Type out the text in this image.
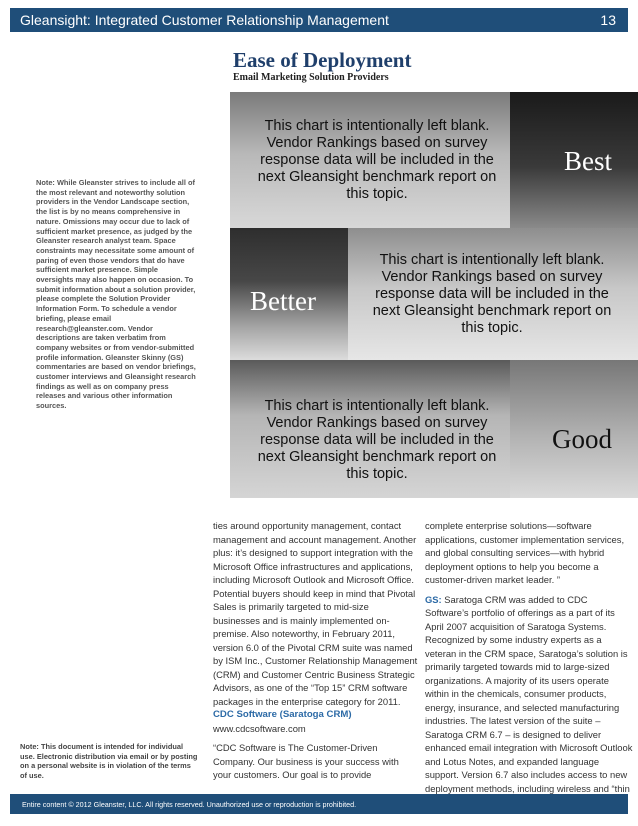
Gleansight: Integrated Customer Relationship Management	13
Ease of Deployment
Email Marketing Solution Providers
This chart is intentionally left blank.
Vendor Rankings based on survey
response data will be included in the
next Gleansight benchmark report on
this topic.
Best
Better
This chart is intentionally left blank.
Vendor Rankings based on survey
response data will be included in the
next Gleansight benchmark report on
this topic.
This chart is intentionally left blank.
Vendor Rankings based on survey
response data will be included in the
next Gleansight benchmark report on
this topic.
Good
Note: While Gleanster strives to include all of the most relevant and noteworthy solution providers in the Vendor Landscape section, the list is by no means comprehensive in nature. Omissions may occur due to lack of sufficient market presence, as judged by the Gleanster research analyst team. Space constraints may necessitate some amount of paring of even those vendors that do have sufficient market presence. Simple oversights may also happen on occasion. To submit information about a solution provider, please complete the Solution Provider Information Form. To schedule a vendor briefing, please email research@gleanster.com. Vendor descriptions are taken verbatim from company websites or from vendor-submitted profile information. Gleanster Skinny (GS) commentaries are based on vendor briefings, customer interviews and Gleansight research findings as well as on company press releases and various other information sources.

ties around opportunity management, contact management and account management. Another plus: it’s designed to support integration with the Microsoft Office infrastructures and applications, including Microsoft Outlook and Microsoft Office. Potential buyers should keep in mind that Pivotal Sales is primarily targeted to mid-size businesses and is mainly implemented on-premise. Also noteworthy, in February 2011, version 6.0 of the Pivotal CRM suite was named by ISM Inc., Customer Relationship Management (CRM) and Customer Centric Business Strategic Advisors, as one of the “Top 15” CRM software packages in the enterprise category for 2011.

CDC Software (Saratoga CRM)

www.cdcsoftware.com

“CDC Software is The Customer-Driven Company. Our business is your success with your customers. Our goal is to provide

complete enterprise solutions—software applications, customer implementation services, and global consulting services—with hybrid deployment options to help you become a customer-driven market leader. ”

GS: Saratoga CRM was added to CDC Software’s portfolio of offerings as a part of its April 2007 acquisition of Saratoga Systems. Recognized by some industry experts as a veteran in the CRM space, Saratoga’s solution is primarily targeted towards mid to large-sized organizations. A majority of its users operate within in the chemicals, consumer products, energy, insurance, and selected manufacturing industries. The latest version of the suite – Saratoga CRM 6.7 – is designed to deliver enhanced email integration with Microsoft Outlook and Lotus Notes, and expanded language support. Version 6.7 also includes access to new deployment methods, including wireless and “thin

Note: This document is intended for individual use. Electronic distribution via email or by posting on a personal website is in violation of the terms of use.
Entire content © 2012 Gleanster, LLC. All rights reserved. Unauthorized use or reproduction is prohibited.
